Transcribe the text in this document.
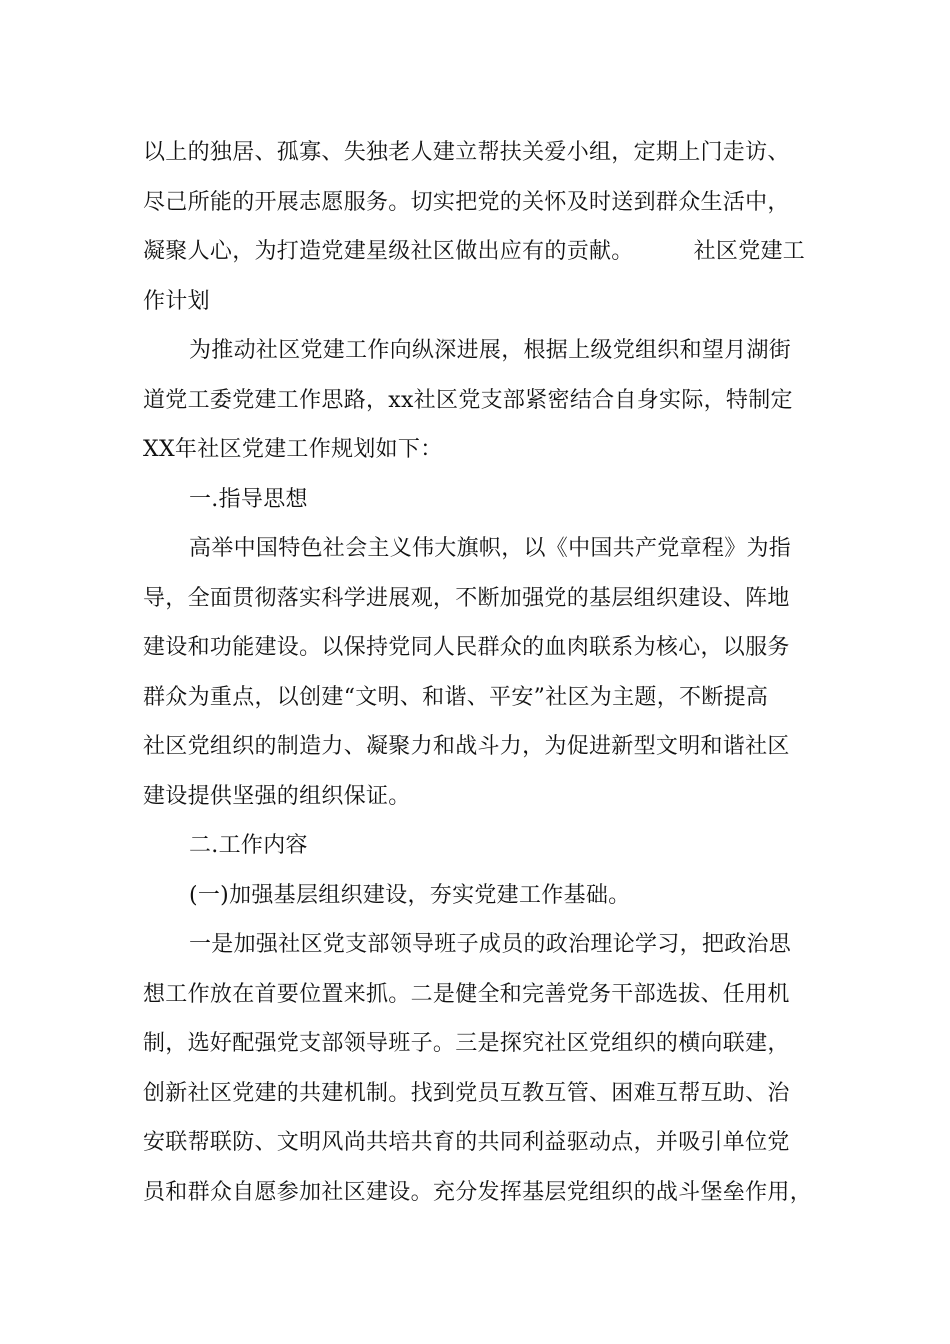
以上的独居、孤寡、失独老人建立帮扶关爱小组，定期上门走访、
尽己所能的开展志愿服务。切实把党的关怀及时送到群众生活中，
凝聚人心，为打造党建星级社区做出应有的贡献。	社区党建工
作计划
为推动社区党建工作向纵深进展，根据上级党组织和望月湖街
道党工委党建工作思路，xx社区党支部紧密结合自身实际，特制定
XX年社区党建工作规划如下：
一.指导思想
高举中国特色社会主义伟大旗帜，以《中国共产党章程》为指
导，全面贯彻落实科学进展观，不断加强党的基层组织建设、阵地
建设和功能建设。以保持党同人民群众的血肉联系为核心，以服务
群众为重点，以创建“文明、和谐、平安”社区为主题，不断提高
社区党组织的制造力、凝聚力和战斗力，为促进新型文明和谐社区
建设提供坚强的组织保证。
二.工作内容
(一)加强基层组织建设，夯实党建工作基础。
一是加强社区党支部领导班子成员的政治理论学习，把政治思
想工作放在首要位置来抓。二是健全和完善党务干部选拔、任用机
制，选好配强党支部领导班子。三是探究社区党组织的横向联建，
创新社区党建的共建机制。找到党员互教互管、困难互帮互助、治
安联帮联防、文明风尚共培共育的共同利益驱动点，并吸引单位党
员和群众自愿参加社区建设。充分发挥基层党组织的战斗堡垒作用，
